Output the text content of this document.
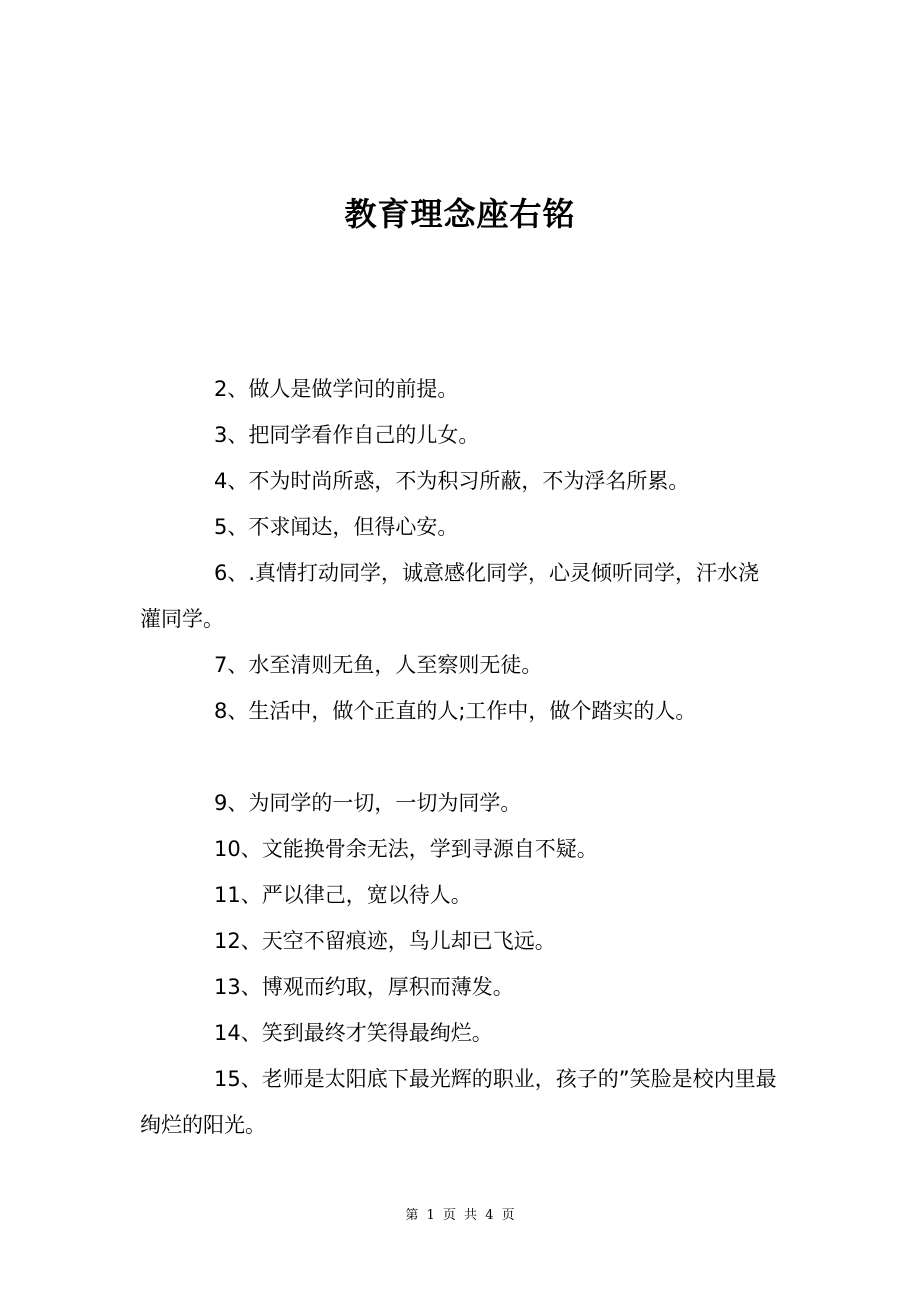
教育理念座右铭

2、做人是做学问的前提。

3、把同学看作自己的儿女。

4、不为时尚所惑，不为积习所蔽，不为浮名所累。

5、不求闻达，但得心安。

6、.真情打动同学，诚意感化同学，心灵倾听同学，汗水浇灌同学。

7、水至清则无鱼，人至察则无徒。

8、生活中，做个正直的人;工作中，做个踏实的人。

9、为同学的一切，一切为同学。

10、文能换骨余无法，学到寻源自不疑。

11、严以律己，宽以待人。

12、天空不留痕迹，鸟儿却已飞远。

13、博观而约取，厚积而薄发。

14、笑到最终才笑得最绚烂。

15、老师是太阳底下最光辉的职业，孩子的”笑脸是校内里最绚烂的阳光。

第 1 页 共 4 页
